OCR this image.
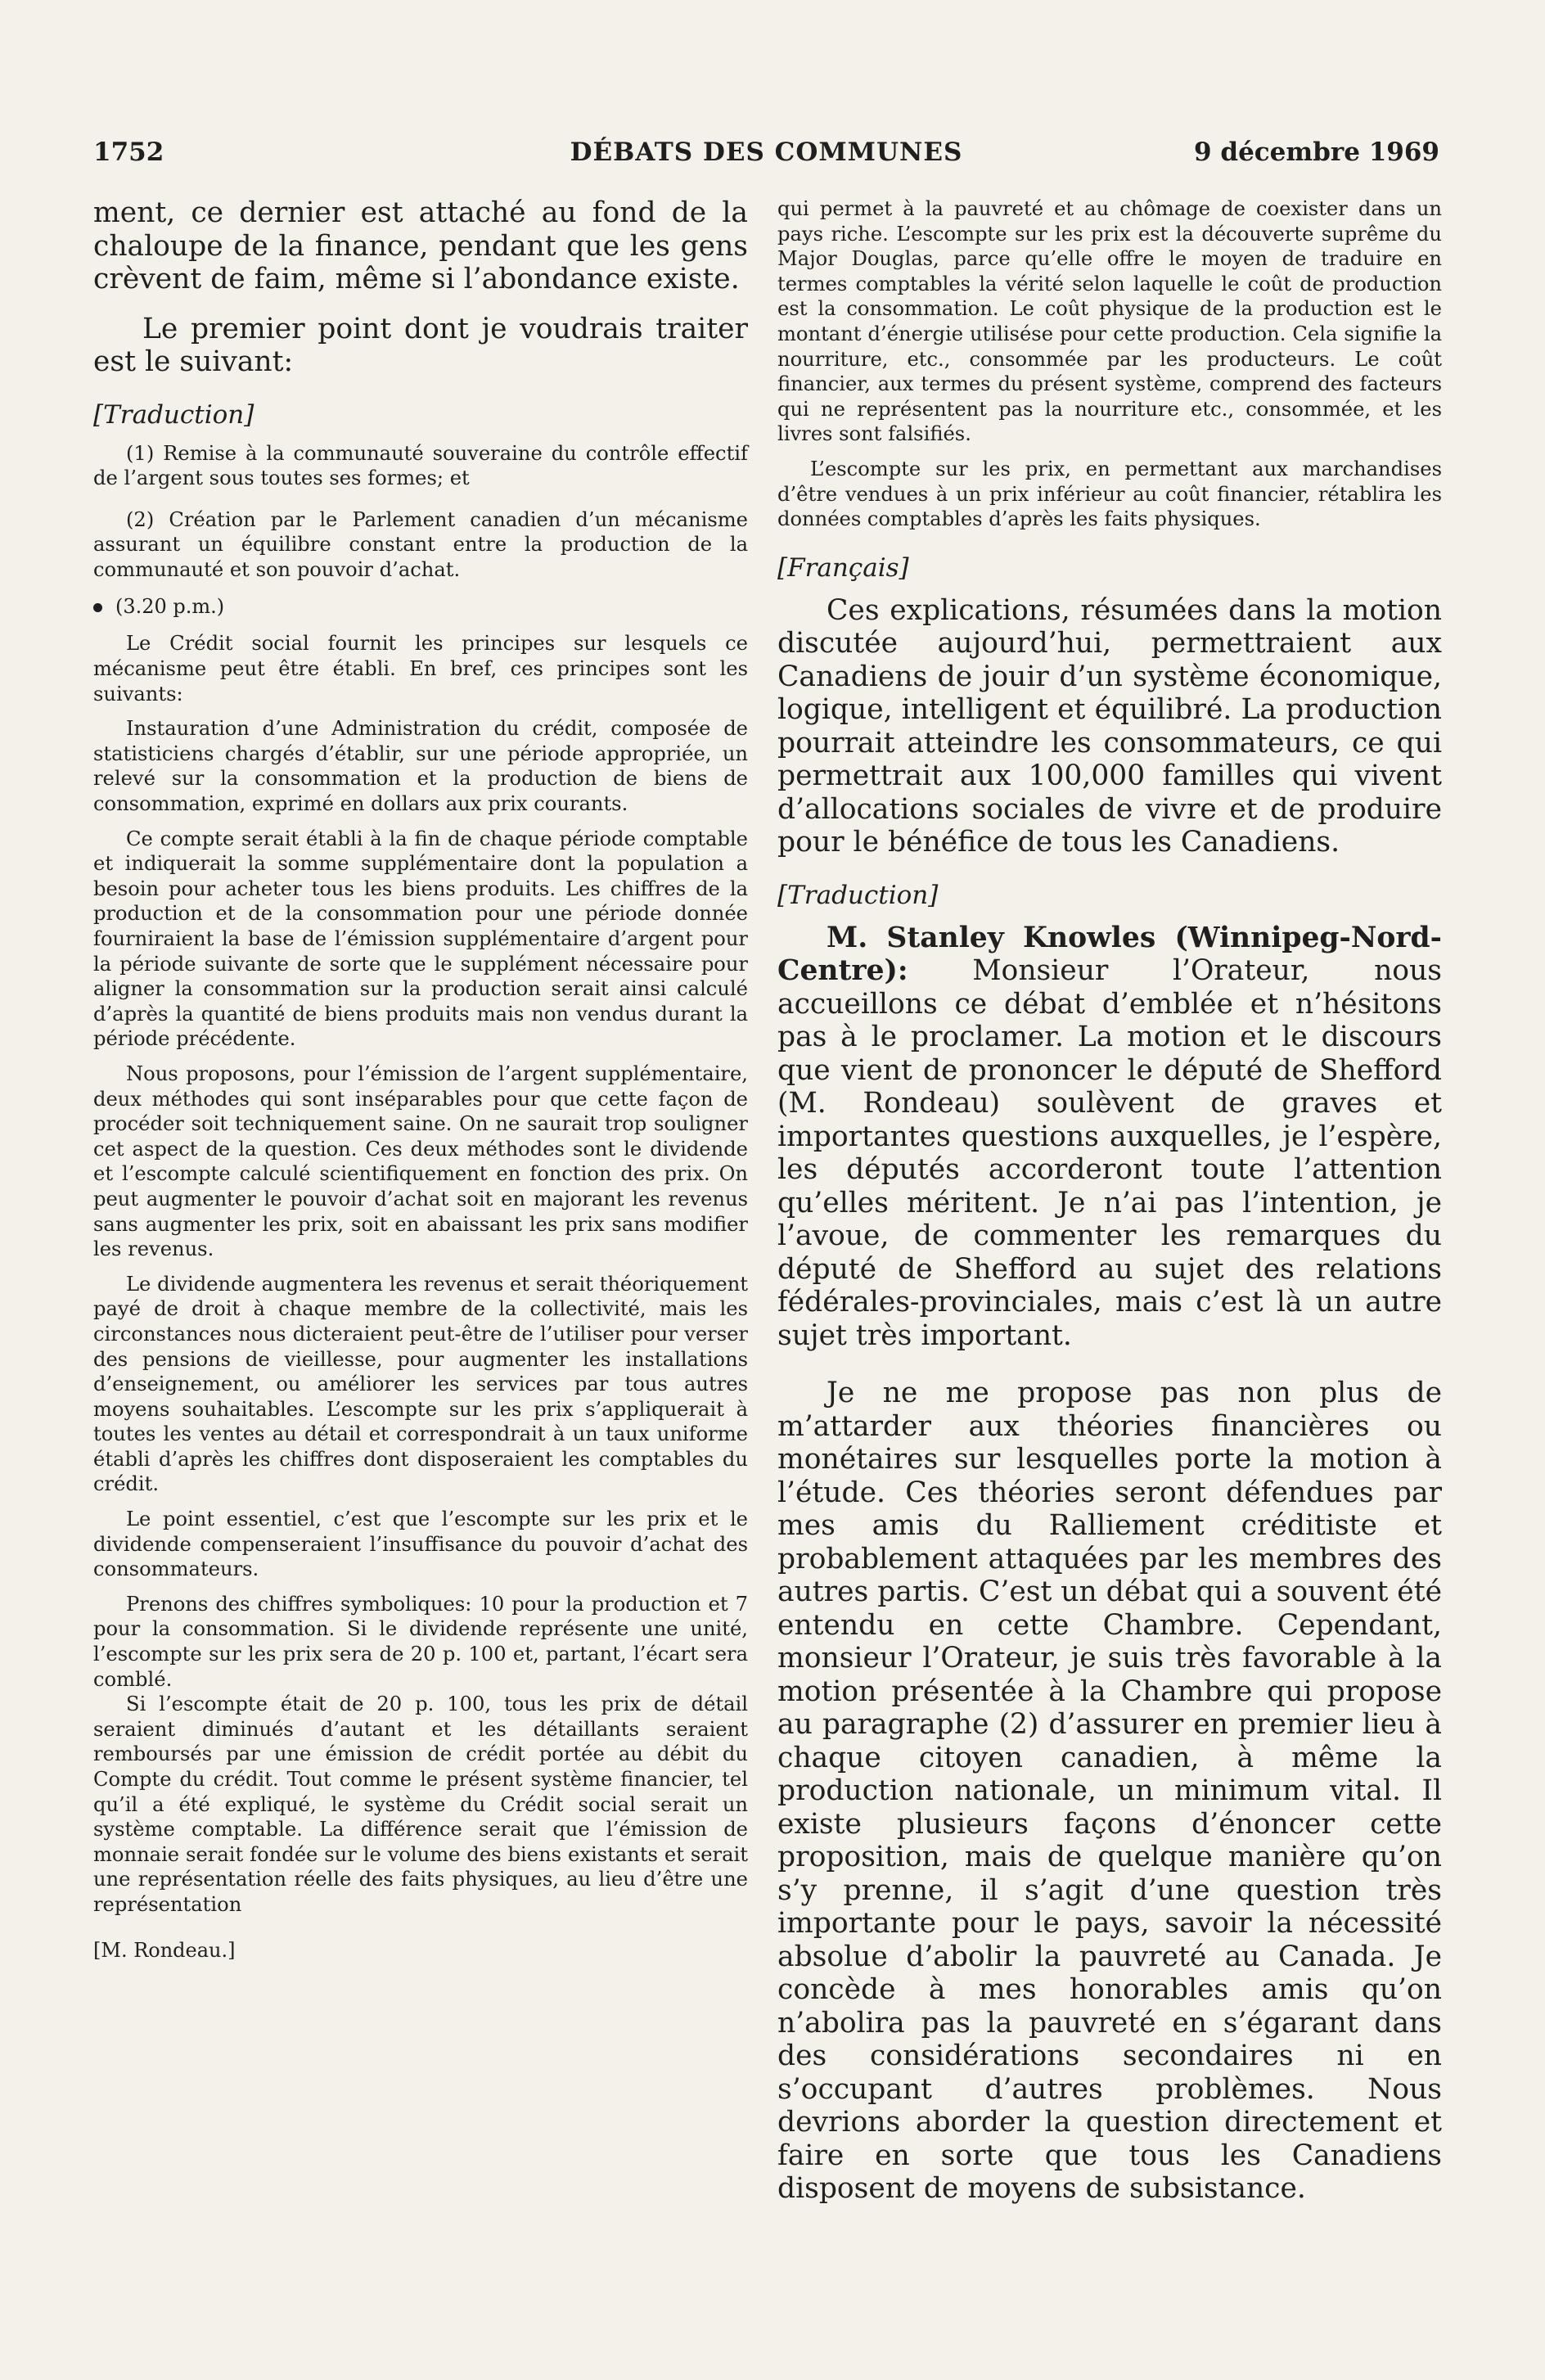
1752	DÉBATS DES COMMUNES	9 décembre 1969

ment, ce dernier est attaché au fond de la chaloupe de la finance, pendant que les gens crèvent de faim, même si l’abondance existe.

Le premier point dont je voudrais traiter est le suivant:

[Traduction]

(1) Remise à la communauté souveraine du contrôle effectif de l’argent sous toutes ses formes; et

(2) Création par le Parlement canadien d’un mécanisme assurant un équilibre constant entre la production de la communauté et son pouvoir d’achat.

(3.20 p.m.)

Le Crédit social fournit les principes sur lesquels ce mécanisme peut être établi. En bref, ces principes sont les suivants:

Instauration d’une Administration du crédit, composée de statisticiens chargés d’établir, sur une période appropriée, un relevé sur la consommation et la production de biens de consommation, exprimé en dollars aux prix courants.

Ce compte serait établi à la fin de chaque période comptable et indiquerait la somme supplémentaire dont la population a besoin pour acheter tous les biens produits. Les chiffres de la production et de la consommation pour une période donnée fourniraient la base de l’émission supplémentaire d’argent pour la période suivante de sorte que le supplément nécessaire pour aligner la consommation sur la production serait ainsi calculé d’après la quantité de biens produits mais non vendus durant la période précédente.

Nous proposons, pour l’émission de l’argent supplémentaire, deux méthodes qui sont inséparables pour que cette façon de procéder soit techniquement saine. On ne saurait trop souligner cet aspect de la question. Ces deux méthodes sont le dividende et l’escompte calculé scientifiquement en fonction des prix. On peut augmenter le pouvoir d’achat soit en majorant les revenus sans augmenter les prix, soit en abaissant les prix sans modifier les revenus.

Le dividende augmentera les revenus et serait théoriquement payé de droit à chaque membre de la collectivité, mais les circonstances nous dicteraient peut-être de l’utiliser pour verser des pensions de vieillesse, pour augmenter les installations d’enseignement, ou améliorer les services par tous autres moyens souhaitables. L’escompte sur les prix s’appliquerait à toutes les ventes au détail et correspondrait à un taux uniforme établi d’après les chiffres dont disposeraient les comptables du crédit.

Le point essentiel, c’est que l’escompte sur les prix et le dividende compenseraient l’insuffisance du pouvoir d’achat des consommateurs.

Prenons des chiffres symboliques: 10 pour la production et 7 pour la consommation. Si le dividende représente une unité, l’escompte sur les prix sera de 20 p. 100 et, partant, l’écart sera comblé.

Si l’escompte était de 20 p. 100, tous les prix de détail seraient diminués d’autant et les détaillants seraient remboursés par une émission de crédit portée au débit du Compte du crédit. Tout comme le présent système financier, tel qu’il a été expliqué, le système du Crédit social serait un système comptable. La différence serait que l’émission de monnaie serait fondée sur le volume des biens existants et serait une représentation réelle des faits physiques, au lieu d’être une représentation

[M. Rondeau.]

qui permet à la pauvreté et au chômage de coexister dans un pays riche. L’escompte sur les prix est la découverte suprême du Major Douglas, parce qu’elle offre le moyen de traduire en termes comptables la vérité selon laquelle le coût de production est la consommation. Le coût physique de la production est le montant d’énergie utilisése pour cette production. Cela signifie la nourriture, etc., consommée par les producteurs. Le coût financier, aux termes du présent système, comprend des facteurs qui ne représentent pas la nourriture etc., consommée, et les livres sont falsifiés.

L’escompte sur les prix, en permettant aux marchandises d’être vendues à un prix inférieur au coût financier, rétablira les données comptables d’après les faits physiques.

[Français]

Ces explications, résumées dans la motion discutée aujourd’hui, permettraient aux Canadiens de jouir d’un système économique, logique, intelligent et équilibré. La production pourrait atteindre les consommateurs, ce qui permettrait aux 100,000 familles qui vivent d’allocations sociales de vivre et de produire pour le bénéfice de tous les Canadiens.

[Traduction]

M. Stanley Knowles (Winnipeg-Nord-Centre): Monsieur l’Orateur, nous accueillons ce débat d’emblée et n’hésitons pas à le proclamer. La motion et le discours que vient de prononcer le député de Shefford (M. Rondeau) soulèvent de graves et importantes questions auxquelles, je l’espère, les députés accorderont toute l’attention qu’elles méritent. Je n’ai pas l’intention, je l’avoue, de commenter les remarques du député de Shefford au sujet des relations fédérales-provinciales, mais c’est là un autre sujet très important.

Je ne me propose pas non plus de m’attarder aux théories financières ou monétaires sur lesquelles porte la motion à l’étude. Ces théories seront défendues par mes amis du Ralliement créditiste et probablement attaquées par les membres des autres partis. C’est un débat qui a souvent été entendu en cette Chambre. Cependant, monsieur l’Orateur, je suis très favorable à la motion présentée à la Chambre qui propose au paragraphe (2) d’assurer en premier lieu à chaque citoyen canadien, à même la production nationale, un minimum vital. Il existe plusieurs façons d’énoncer cette proposition, mais de quelque manière qu’on s’y prenne, il s’agit d’une question très importante pour le pays, savoir la nécessité absolue d’abolir la pauvreté au Canada. Je concède à mes honorables amis qu’on n’abolira pas la pauvreté en s’égarant dans des considérations secondaires ni en s’occupant d’autres problèmes. Nous devrions aborder la question directement et faire en sorte que tous les Canadiens disposent de moyens de subsistance.
